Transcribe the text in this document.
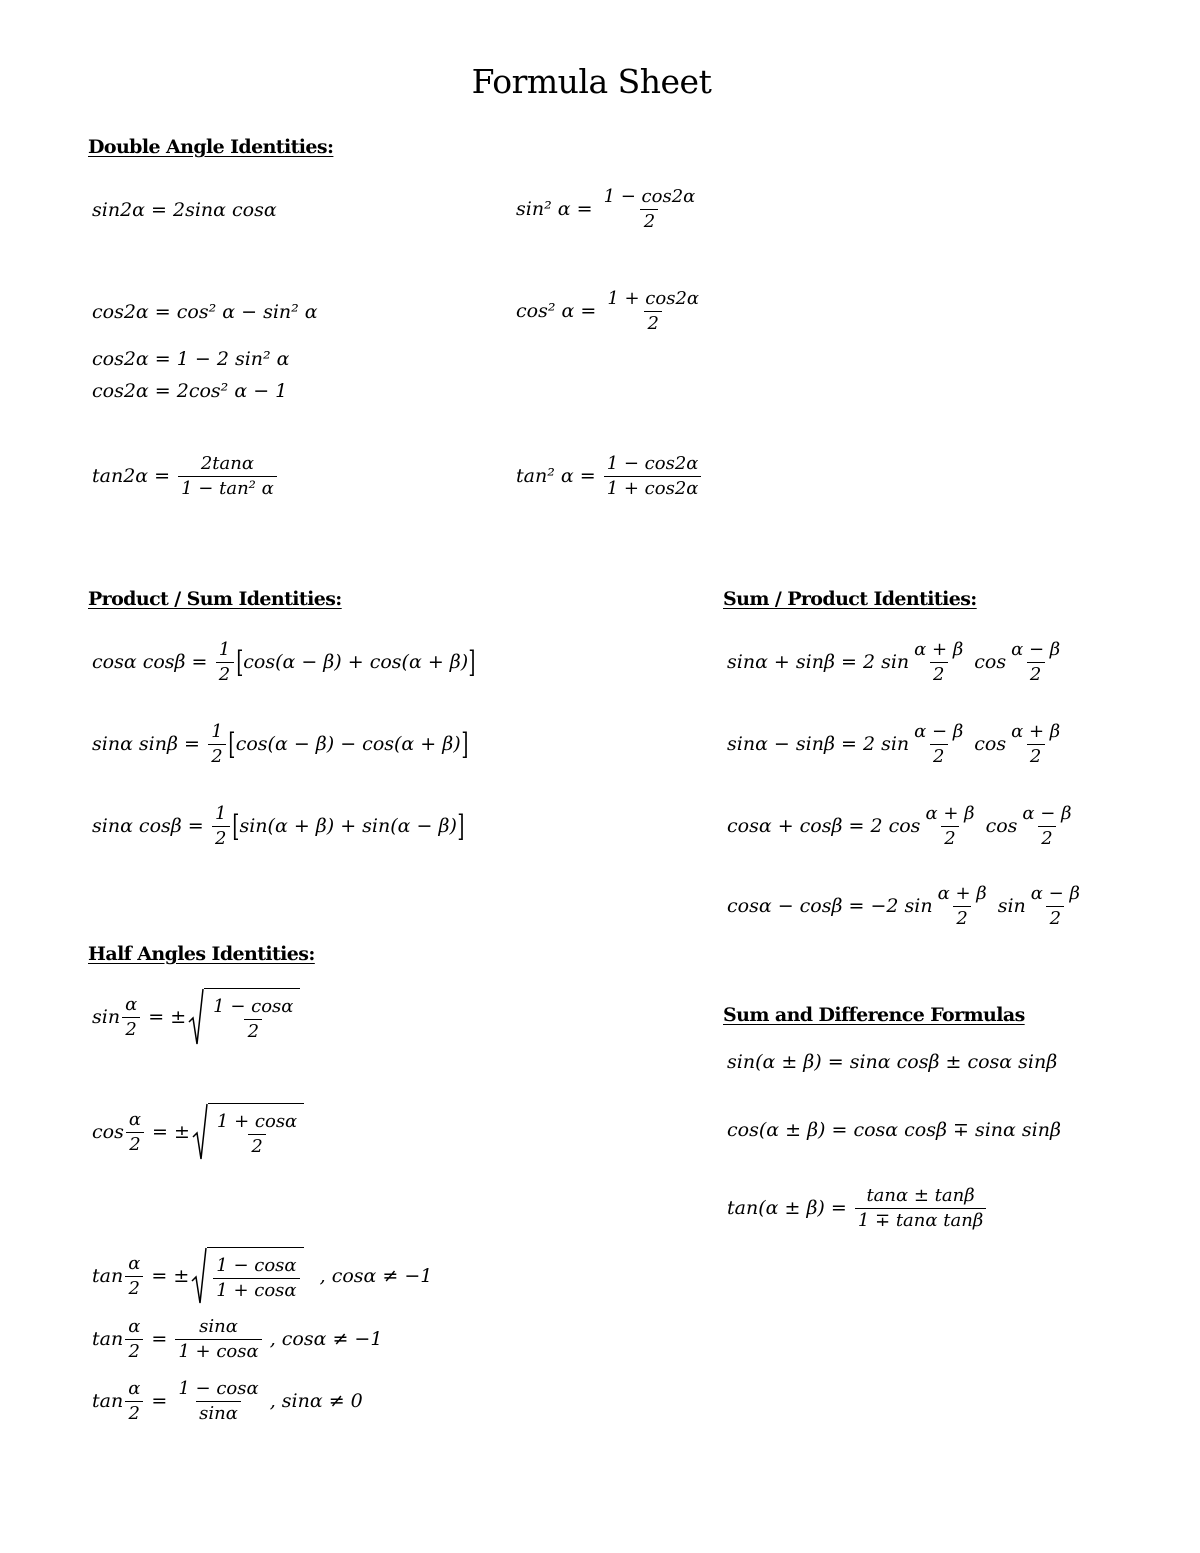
Formula Sheet
Double Angle Identities:
sin2α = 2sinα cosα	sin² $\alpha = \frac{1 - \cos 2\alpha}{2}$
cos2α = cos² α − sin² α	cos² $\alpha = \frac{1 + \cos 2\alpha}{2}$
cos2α = 1 − 2 sin² α
cos2α = 2cos² α − 1
$\tan 2\alpha = \frac{2\tan\alpha}{\text{1 − tan² α}}$	tan² $\alpha = \frac{1 - \cos 2\alpha}{1 + \cos 2\alpha}$
Product / Sum Identities:
cosα $\cos\beta = \frac{1}{2}$ [ cos(α − β) + cos(α + β) ]
sinα $\sin\beta = \frac{1}{2}$ [ cos(α − β) − cos(α + β) ]
sinα $\cos\beta = \frac{1}{2}$ [ sin(α + β) + sin(α − β) ]
Sum / Product Identities:
sinα + sinβ = 2 $\sin \frac{\alpha + \beta}{2}$ $\cos \frac{\alpha - \beta}{2}$
sinα − sinβ = 2 $\sin \frac{\alpha - \beta}{2}$ $\cos \frac{\alpha + \beta}{2}$
cosα + cosβ = 2 $\cos \frac{\alpha + \beta}{2}$ $\cos \frac{\alpha - \beta}{2}$
cosα − cosβ = −2 $\sin \frac{\alpha + \beta}{2}$ $\sin \frac{\alpha - \beta}{2}$
Half Angles Identities:
$\sin \frac{\alpha}{2}$ = ± $\frac{1 - \cos\alpha}{2}$
$\cos \frac{\alpha}{2}$ = ± $\frac{1 + \cos\alpha}{2}$
$\tan \frac{\alpha}{2}$ = ± $\frac{1 - \cos\alpha}{1 + \cos\alpha}$ , cosα ≠ −1
$\tan \frac{\alpha}{2} = \frac{\sin\alpha}{1 + \cos\alpha}$ , cosα ≠ −1
$\tan \frac{\alpha}{2} = \frac{1 - \cos\alpha}{\sin\alpha}$ , sinα ≠ 0
Sum and Difference Formulas
sin(α ± β) = sinα cosβ ± cosα sinβ
cos(α ± β) = cosα cosβ ∓ sinα sinβ
$\tan(\alpha \pm \beta) = \frac{\tan\alpha \pm \tan\beta}{\text{1 ∓ tanα tanβ}}$
